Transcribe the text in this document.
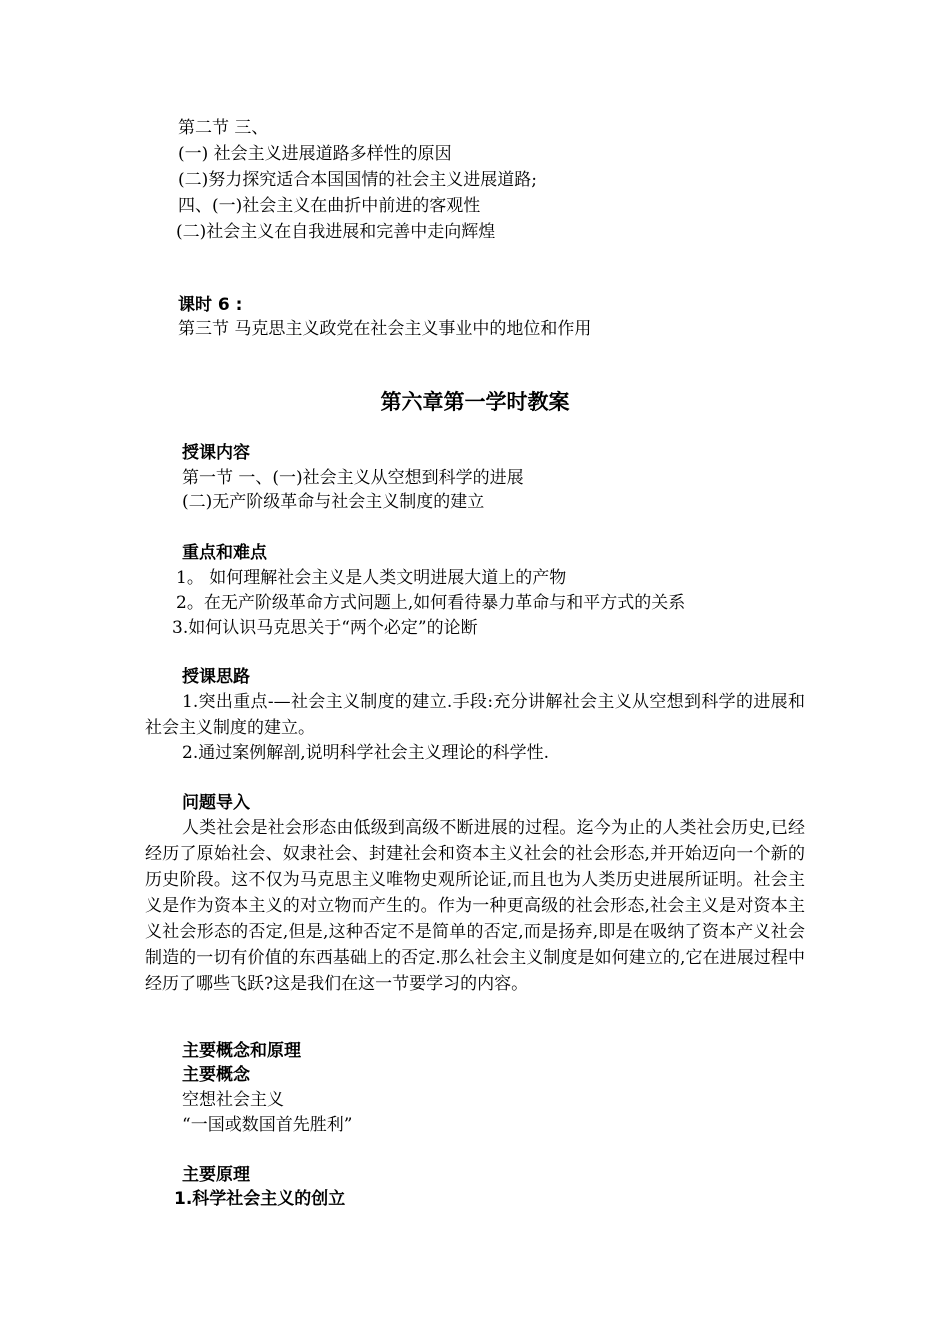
第二节 三、
(一) 社会主义进展道路多样性的原因
(二)努力探究适合本国国情的社会主义进展道路;
四、(一)社会主义在曲折中前进的客观性
(二)社会主义在自我进展和完善中走向辉煌
课时 6 :
第三节 马克思主义政党在社会主义事业中的地位和作用
第六章第一学时教案
授课内容
第一节 一、(一)社会主义从空想到科学的进展
(二)无产阶级革命与社会主义制度的建立
重点和难点
1。 如何理解社会主义是人类文明进展大道上的产物
2。在无产阶级革命方式问题上,如何看待暴力革命与和平方式的关系
3.如何认识马克思关于“两个必定”的论断
授课思路
1.突出重点-—社会主义制度的建立.手段:充分讲解社会主义从空想到科学的进展和社会主义制度的建立。
2.通过案例解剖,说明科学社会主义理论的科学性.
问题导入
人类社会是社会形态由低级到高级不断进展的过程。迄今为止的人类社会历史,已经经历了原始社会、奴隶社会、封建社会和资本主义社会的社会形态,并开始迈向一个新的历史阶段。这不仅为马克思主义唯物史观所论证,而且也为人类历史进展所证明。社会主义是作为资本主义的对立物而产生的。作为一种更高级的社会形态,社会主义是对资本主义社会形态的否定,但是,这种否定不是简单的否定,而是扬弃,即是在吸纳了资本产义社会制造的一切有价值的东西基础上的否定.那么社会主义制度是如何建立的,它在进展过程中经历了哪些飞跃?这是我们在这一节要学习的内容。
主要概念和原理
主要概念
空想社会主义
“一国或数国首先胜利”
主要原理
1.科学社会主义的创立
